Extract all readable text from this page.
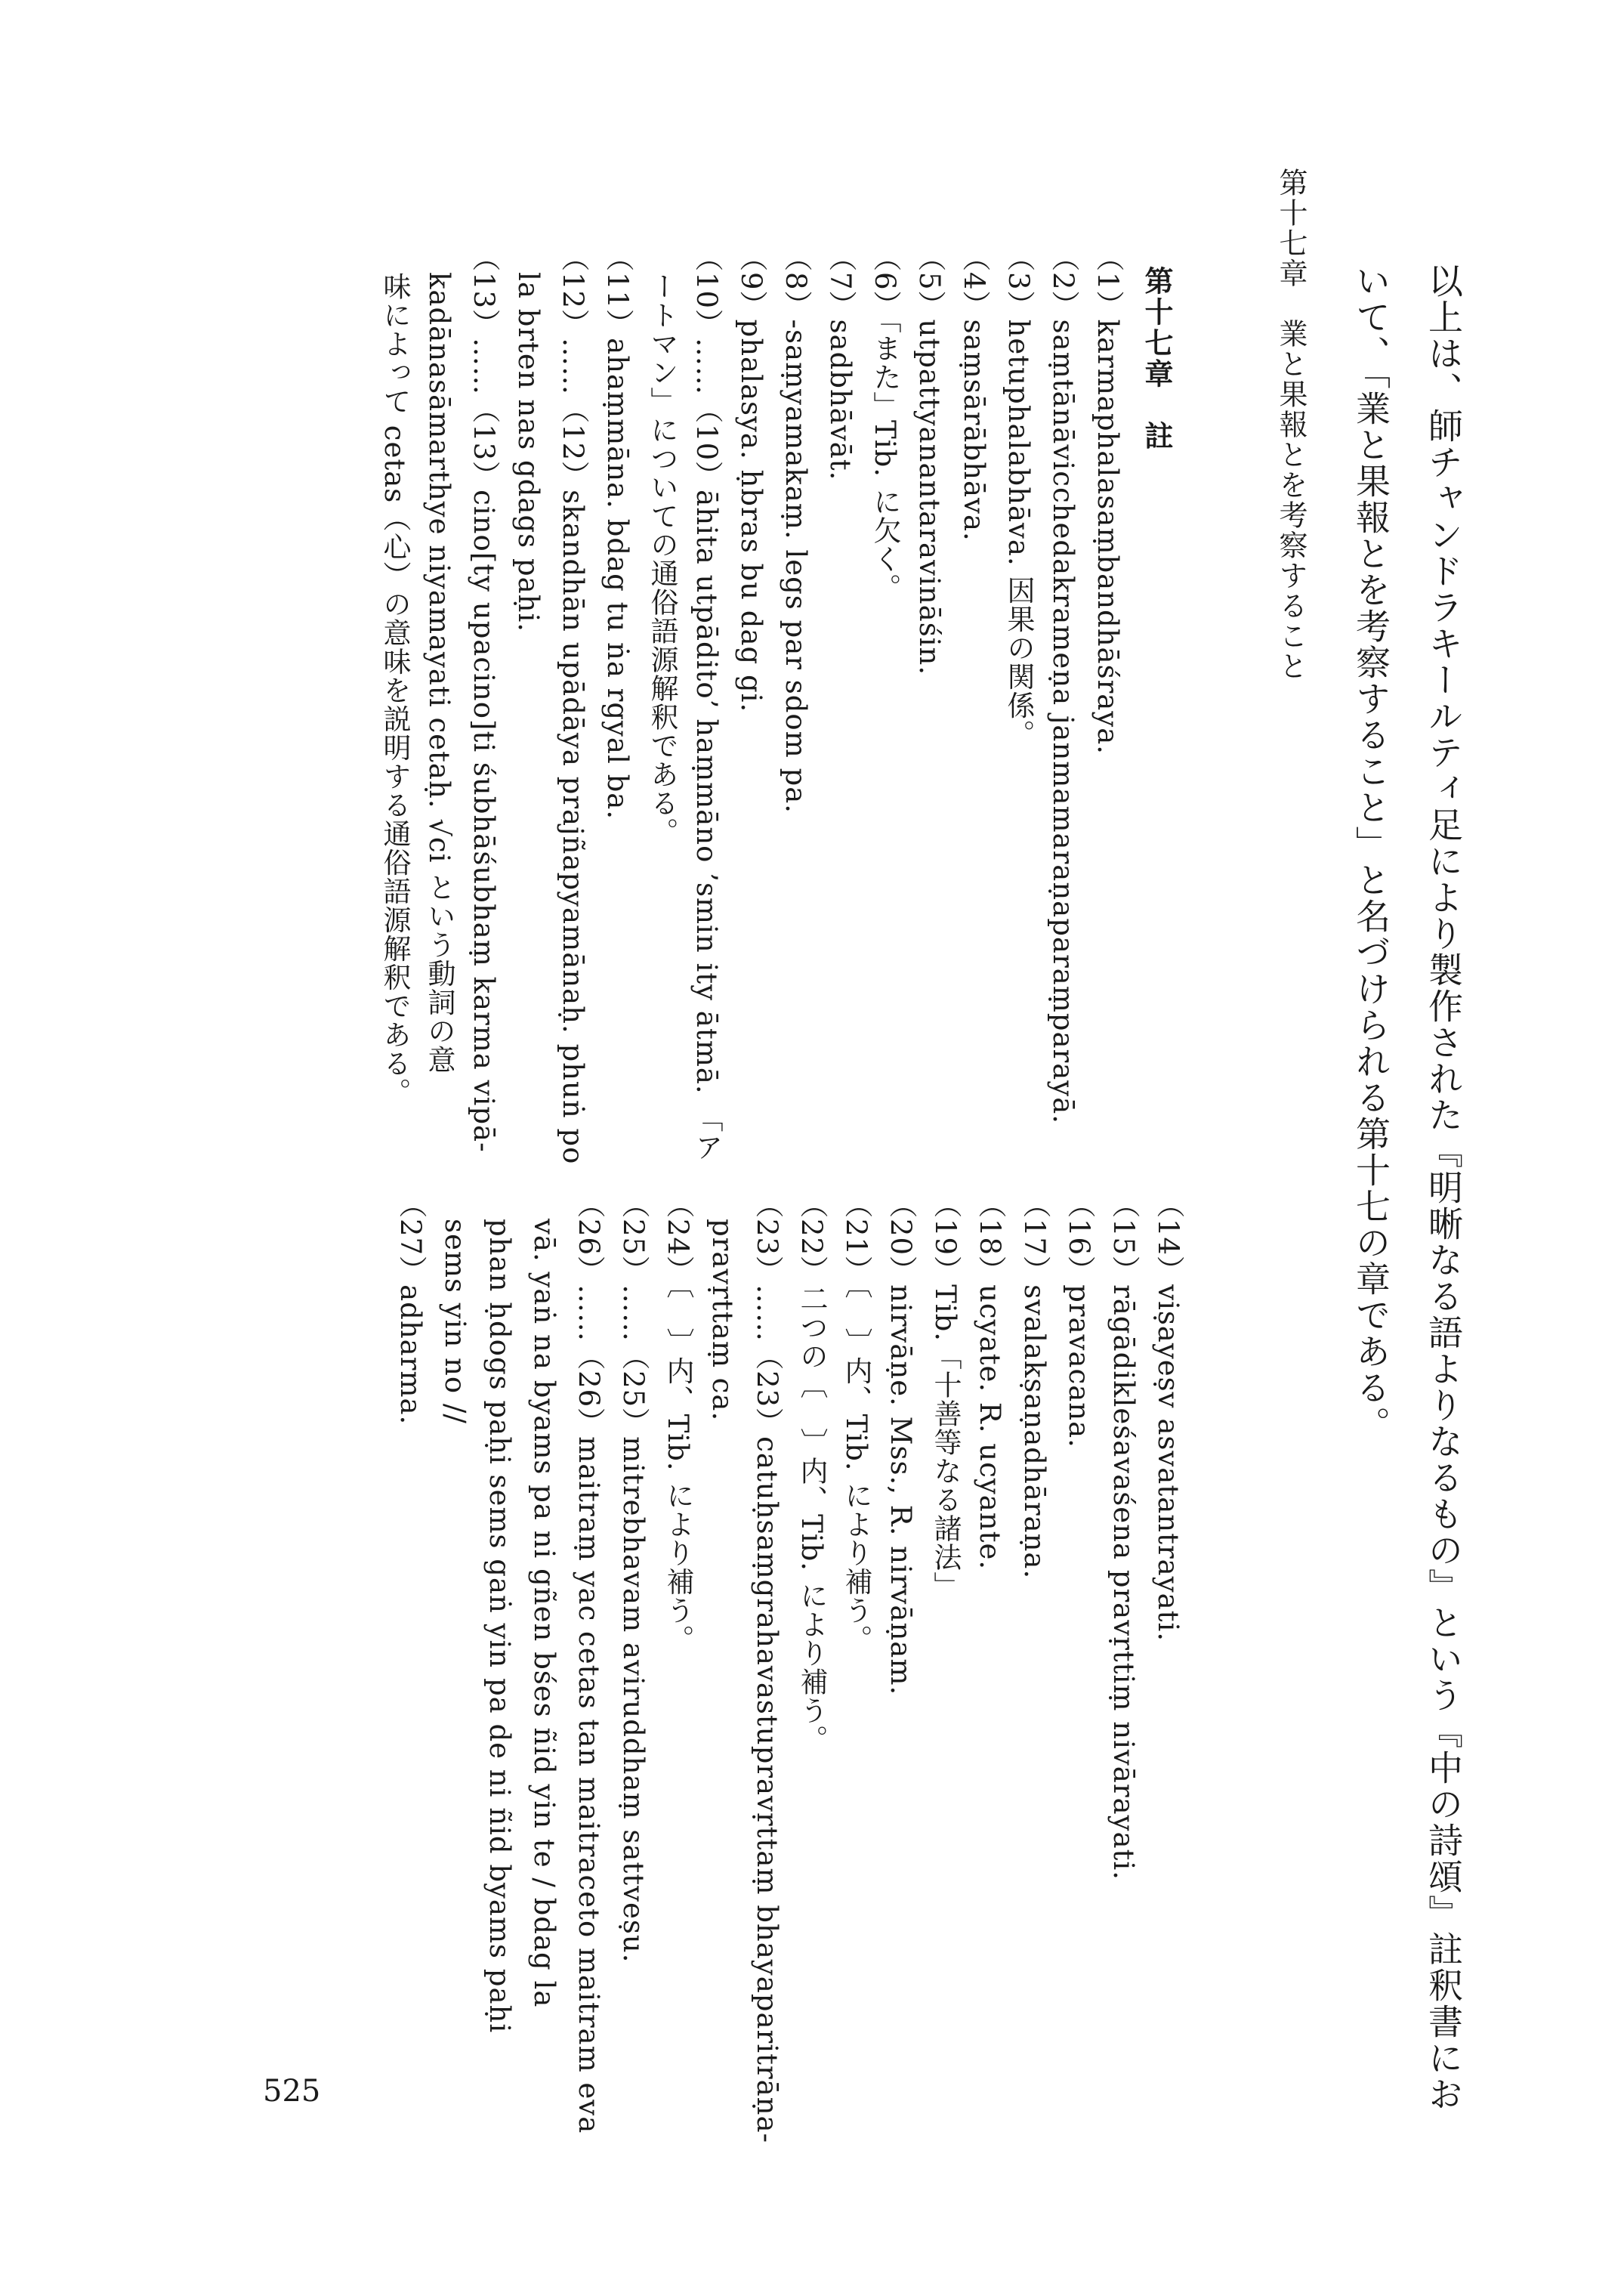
以上は、師チャンドラキールティ足により製作された『明晰なる語よりなるもの』という『中の詩頌』註釈書にお
いて、「業と果報とを考察すること」と名づけられる第十七の章である。
第十七章　業と果報とを考察すること
第十七章　註
（1）karmaphalasaṃbandhāśraya.
（2）saṃtānāvicchedakrameṇa janmamaraṇaparaṃparayā.
（3）hetuphalabhāva. 因果の関係。
（4）saṃsārābhāva.
（5）utpattyanantaravināśin.
（6）「また」Tib. に欠く。
（7）sadbhāvāt.
（8）-saṃyamakaṃ. legs par sdom pa.
（9）phalasya. ḥbras bu dag gi.
（10）……（10）āhita utpādito’ haṃmāno ’smin ity ātmā. 「ア
　ートマン」についての通俗語源解釈である。
（11）ahaṃmāna. bdag tu ṅa rgyal ba.
（12）……（12）skandhān upādāya prajñapyamānaḥ. phuṅ po
　la brten nas gdags paḥi.
（13）……（13）cino[ty upacino]ti śubhāśubhaṃ karma vipā-
　kadānasāmarthye niyamayati cetaḥ. √ci という動詞の意
　味によって cetas（心）の意味を説明する通俗語源解釈である。
（14）viṣayeṣv asvatantrayati.
（15）rāgādikleśavaśena pravṛttiṃ nivārayati.
（16）pravacana.
（17）svalakṣaṇadhāraṇa.
（18）ucyate. R. ucyante.
（19）Tib.「十善等なる諸法」
（20）nirvāṇe. Mss., R. nirvāṇam.
（21）〔　〕内、Tib. により補う。
（22）二つの〔　〕内、Tib. により補う。
（23）……（23）catuḥsaṃgrahavastupravṛttaṃ bhayaparitrāṇa-
　pravṛttaṃ ca.
（24）〔　〕内、Tib. により補う。
（25）……（25）mitrebhavam aviruddhaṃ sattveṣu.
（26）……（26）maitraṃ yac cetas tan maitraceto maitram eva
　vā. yaṅ na byams pa ni gñen bśes ñid yin te / bdag la
　phan ḥdogs paḥi sems gaṅ yin pa de ni ñid byams paḥi
　sems yin no //
（27）adharma.
525
